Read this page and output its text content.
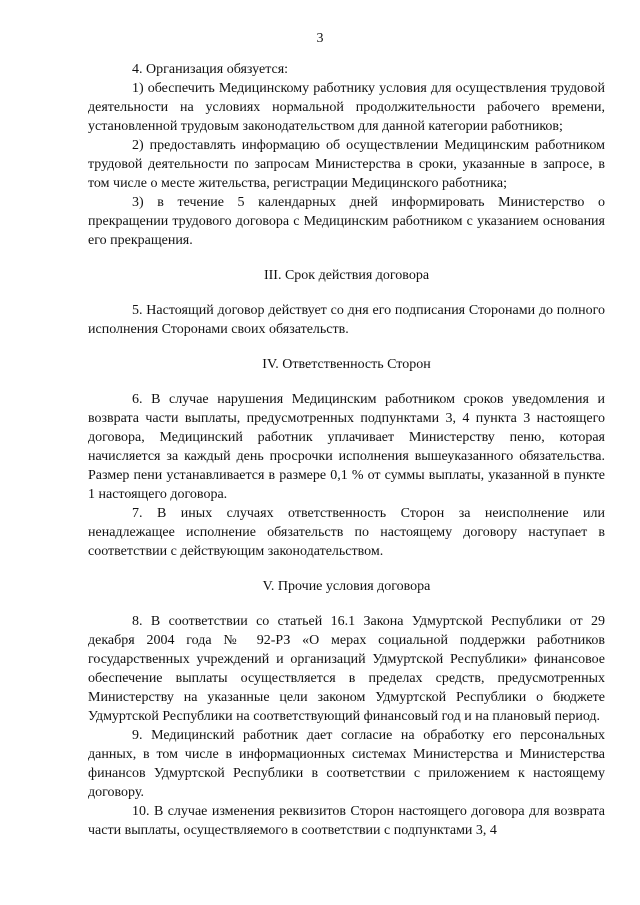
3

4. Организация обязуется:

1) обеспечить Медицинскому работнику условия для осуществления трудовой деятельности на условиях нормальной продолжительности рабочего времени, установленной трудовым законодательством для данной категории работников;

2) предоставлять информацию об осуществлении Медицинским работником трудовой деятельности по запросам Министерства в сроки, указанные в запросе, в том числе о месте жительства, регистрации Медицинского работника;

3) в течение 5 календарных дней информировать Министерство о прекращении трудового договора с Медицинским работником с указанием основания его прекращения.

III. Срок действия договора

5. Настоящий договор действует со дня его подписания Сторонами до полного исполнения Сторонами своих обязательств.

IV. Ответственность Сторон

6. В случае нарушения Медицинским работником сроков уведомления и возврата части выплаты, предусмотренных подпунктами 3, 4 пункта 3 настоящего договора, Медицинский работник уплачивает Министерству пеню, которая начисляется за каждый день просрочки исполнения вышеуказанного обязательства. Размер пени устанавливается в размере 0,1 % от суммы выплаты, указанной в пункте 1 настоящего договора.

7. В иных случаях ответственность Сторон за неисполнение или ненадлежащее исполнение обязательств по настоящему договору наступает в соответствии с действующим законодательством.

V. Прочие условия договора

8. В соответствии со статьей 16.1 Закона Удмуртской Республики от 29 декабря 2004 года № 92-РЗ «О мерах социальной поддержки работников государственных учреждений и организаций Удмуртской Республики» финансовое обеспечение выплаты осуществляется в пределах средств, предусмотренных Министерству на указанные цели законом Удмуртской Республики о бюджете Удмуртской Республики на соответствующий финансовый год и на плановый период.

9. Медицинский работник дает согласие на обработку его персональных данных, в том числе в информационных системах Министерства и Министерства финансов Удмуртской Республики в соответствии с приложением к настоящему договору.

10. В случае изменения реквизитов Сторон настоящего договора для возврата части выплаты, осуществляемого в соответствии с подпунктами 3, 4
